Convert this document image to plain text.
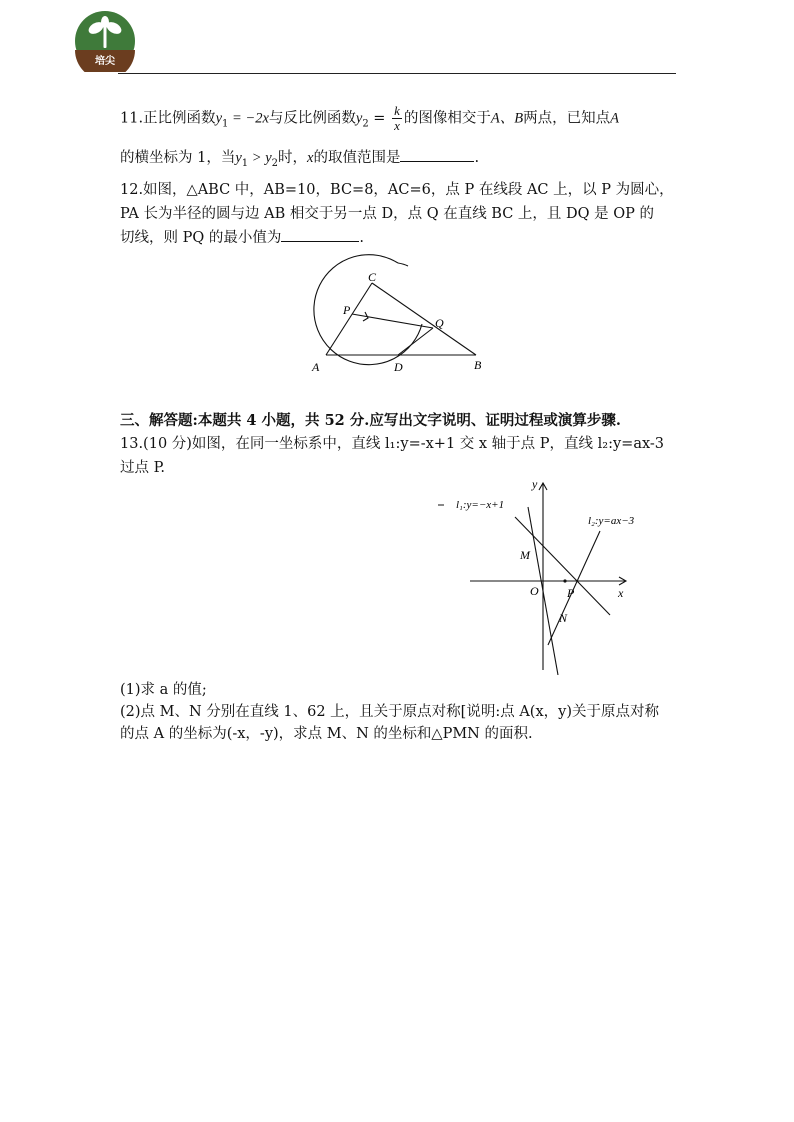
培尖
11.正比例函数$y_1 = -2x$与反比例函数$y_2 = \frac{k}{x}$ 的图像相交于A、B两点，已知点A
的横坐标为 1，当$y_1 > y_2$时，x的取值范围是	.
12.如图，△ABC 中，AB=10，BC=8，AC=6，点 P 在线段 AC 上，以 P 为圆心，
PA 长为半径的圆与边 AB 相交于另一点 D，点 Q 在直线 BC 上，且 DQ 是 OP 的
切线，则 PQ 的最小值为	.
C
P
Q
A	D	B
三、解答题:本题共 4 小题，共 52 分.应写出文字说明、证明过程或演算步骤.
13.(10 分)如图，在同一坐标系中，直线 l₁:y=-x+1 交 x 轴于点 P，直线 l₂:y=ax-3
过点 P.
y
x
O P
M
N
l₁:y=−x+1
l₂:y=ax−3
(1)求 a 的值;
(2)点 M、N 分别在直线 1、62 上，且关于原点对称[说明:点 A(x，y)关于原点对称
的点 A 的坐标为(-x，-y)，求点 M、N 的坐标和△PMN 的面积.
